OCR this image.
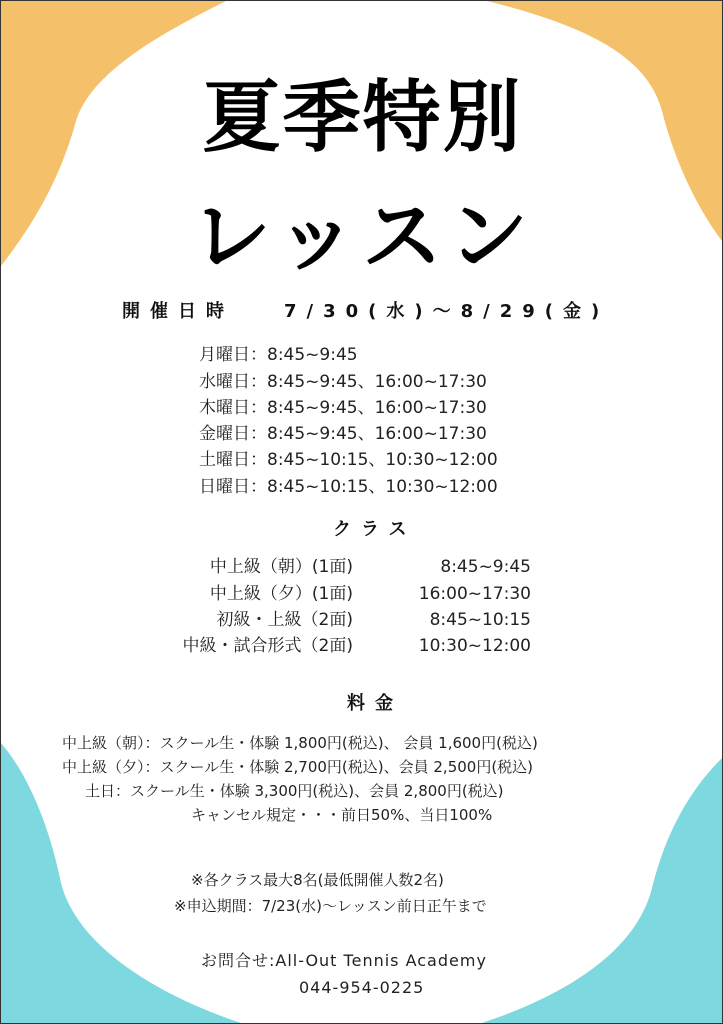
夏季特別
レッスン

開催日時	7/30(水)〜8/29(金)

月曜日：8:45~9:45

水曜日：8:45~9:45、16:00~17:30

木曜日：8:45~9:45、16:00~17:30

金曜日：8:45~9:45、16:00~17:30

土曜日：8:45~10:15、10:30~12:00

日曜日：8:45~10:15、10:30~12:00

クラス

中上級（朝）(1面)	8:45~9:45

中上級（夕）(1面)	16:00~17:30

初級・上級（2面)	8:45~10:15

中級・試合形式（2面)	10:30~12:00

料金

中上級（朝）：スクール生・体験 1,800円(税込)、 会員 1,600円(税込)

中上級（夕）：スクール生・体験 2,700円(税込)、会員 2,500円(税込)

土日：スクール生・体験 3,300円(税込)、会員 2,800円(税込)

キャンセル規定・・・前日50%、当日100%

※各クラス最大8名(最低開催人数2名)

※申込期間：7/23(水)〜レッスン前日正午まで

お問合せ:All-Out Tennis Academy

044-954-0225
